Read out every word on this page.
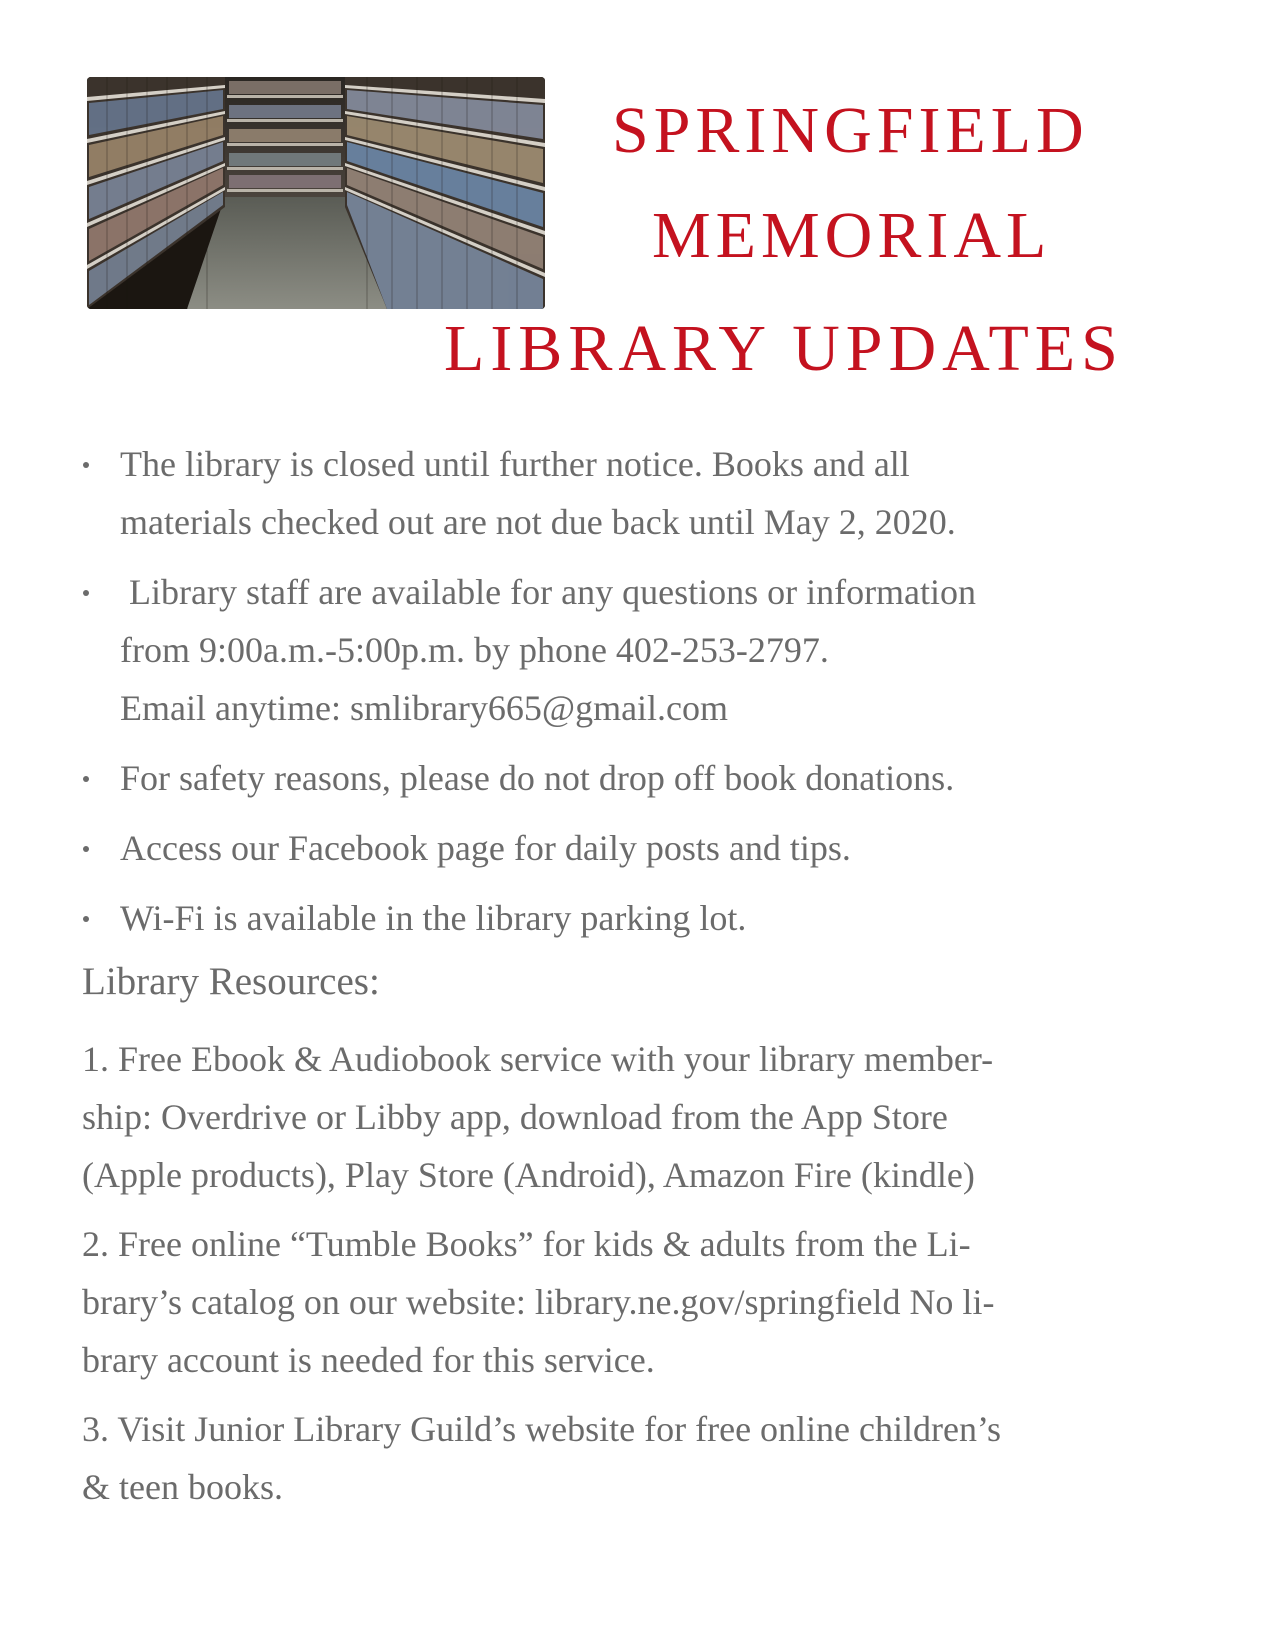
SPRINGFIELD
MEMORIAL
LIBRARY UPDATES
The library is closed until further notice. Books and all
materials checked out are not due back until May 2, 2020.
Library staff are available for any questions or information
from 9:00a.m.-5:00p.m. by phone 402-253-2797.
Email anytime: smlibrary665@gmail.com
For safety reasons, please do not drop off book donations.
Access our Facebook page for daily posts and tips.
Wi-Fi is available in the library parking lot.
Library Resources:
1. Free Ebook & Audiobook service with your library member-
ship: Overdrive or Libby app, download from the App Store
(Apple products), Play Store (Android), Amazon Fire (kindle)
2. Free online “Tumble Books” for kids & adults from the Li-
brary’s catalog on our website: library.ne.gov/springfield No li-
brary account is needed for this service.
3. Visit Junior Library Guild’s website for free online children’s
& teen books.
